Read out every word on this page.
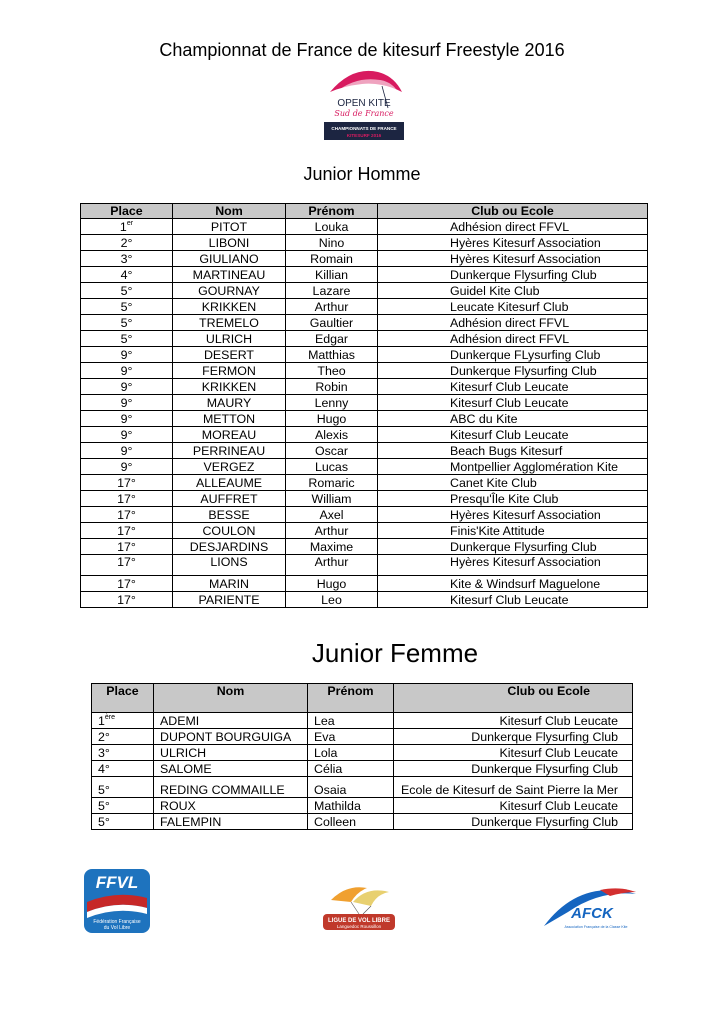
Championnat de France de kitesurf Freestyle 2016
OPEN KITE
Sud de France
CHAMPIONNATS DE FRANCE
KITESURF 2016
Junior Homme
Place	Nom	Prénom	Club ou Ecole
1er	PITOT	Louka	Adhésion direct FFVL
2°	LIBONI	Nino	Hyères Kitesurf Association
3°	GIULIANO	Romain	Hyères Kitesurf Association
4°	MARTINEAU	Killian	Dunkerque Flysurfing Club
5°	GOURNAY	Lazare	Guidel Kite Club
5°	KRIKKEN	Arthur	Leucate Kitesurf Club
5°	TREMELO	Gaultier	Adhésion direct FFVL
5°	ULRICH	Edgar	Adhésion direct FFVL
9°	DESERT	Matthias	Dunkerque FLysurfing Club
9°	FERMON	Theo	Dunkerque Flysurfing Club
9°	KRIKKEN	Robin	Kitesurf Club Leucate
9°	MAURY	Lenny	Kitesurf Club Leucate
9°	METTON	Hugo	ABC du Kite
9°	MOREAU	Alexis	Kitesurf Club Leucate
9°	PERRINEAU	Oscar	Beach Bugs Kitesurf
9°	VERGEZ	Lucas	Montpellier Agglomération Kite
17°	ALLEAUME	Romaric	Canet Kite Club
17°	AUFFRET	William	Presqu'Île Kite Club
17°	BESSE	Axel	Hyères Kitesurf Association
17°	COULON	Arthur	Finis'Kite Attitude
17°	DESJARDINS	Maxime	Dunkerque Flysurfing Club
17°	LIONS	Arthur	Hyères Kitesurf Association
17°	MARIN	Hugo	Kite & Windsurf Maguelone
17°	PARIENTE	Leo	Kitesurf Club Leucate
Junior Femme
Place	Nom	Prénom	Club ou Ecole
1ère	ADEMI	Lea	Kitesurf Club Leucate
2°	DUPONT BOURGUIGA	Eva	Dunkerque Flysurfing Club
3°	ULRICH	Lola	Kitesurf Club Leucate
4°	SALOME	Célia	Dunkerque Flysurfing Club
5°	REDING COMMAILLE	Osaia	Ecole de Kitesurf de Saint Pierre la Mer
5°	ROUX	Mathilda	Kitesurf Club Leucate
5°	FALEMPIN	Colleen	Dunkerque Flysurfing Club
FFVL
Fédération Française
du Vol Libre
LIGUE DE VOL LIBRE
Languedoc Roussillon
AFCK
Association Française de la Classe Kite
